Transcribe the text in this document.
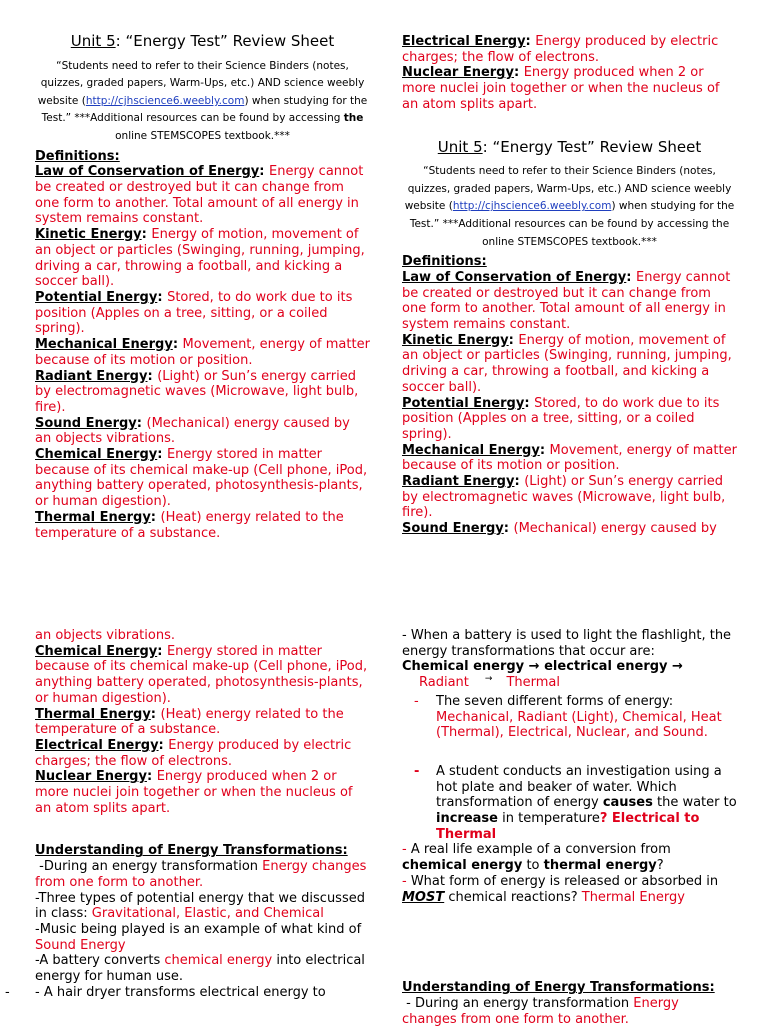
Unit 5: “Energy Test” Review Sheet

“Students need to refer to their Science Binders (notes, quizzes, graded papers, Warm-Ups, etc.) AND science weebly website (http://cjhscience6.weebly.com) when studying for the Test.” ***Additional resources can be found by accessing the online STEMSCOPES textbook.***

Definitions:

Law of Conservation of Energy: Energy cannot be created or destroyed but it can change from one form to another. Total amount of all energy in system remains constant.

Kinetic Energy: Energy of motion, movement of an object or particles (Swinging, running, jumping, driving a car, throwing a football, and kicking a soccer ball).

Potential Energy: Stored, to do work due to its position (Apples on a tree, sitting, or a coiled spring).

Mechanical Energy: Movement, energy of matter because of its motion or position.

Radiant Energy: (Light) or Sun’s energy carried by electromagnetic waves (Microwave, light bulb, fire).

Sound Energy: (Mechanical) energy caused by an objects vibrations.

Chemical Energy: Energy stored in matter because of its chemical make-up (Cell phone, iPod, anything battery operated, photosynthesis-plants, or human digestion).

Thermal Energy: (Heat) energy related to the temperature of a substance.

Electrical Energy: Energy produced by electric charges; the flow of electrons.

Nuclear Energy: Energy produced when 2 or more nuclei join together or when the nucleus of an atom splits apart.

Unit 5: “Energy Test” Review Sheet

“Students need to refer to their Science Binders (notes, quizzes, graded papers, Warm-Ups, etc.) AND science weebly website (http://cjhscience6.weebly.com) when studying for the Test.” ***Additional resources can be found by accessing the online STEMSCOPES textbook.***

Definitions:

Law of Conservation of Energy: Energy cannot be created or destroyed but it can change from one form to another. Total amount of all energy in system remains constant.

Kinetic Energy: Energy of motion, movement of an object or particles (Swinging, running, jumping, driving a car, throwing a football, and kicking a soccer ball).

Potential Energy: Stored, to do work due to its position (Apples on a tree, sitting, or a coiled spring).

Mechanical Energy: Movement, energy of matter because of its motion or position.

Radiant Energy: (Light) or Sun’s energy carried by electromagnetic waves (Microwave, light bulb, fire).

Sound Energy: (Mechanical) energy caused by

an objects vibrations.

Chemical Energy: Energy stored in matter because of its chemical make-up (Cell phone, iPod, anything battery operated, photosynthesis-plants, or human digestion).

Thermal Energy: (Heat) energy related to the temperature of a substance.

Electrical Energy: Energy produced by electric charges; the flow of electrons.

Nuclear Energy: Energy produced when 2 or more nuclei join together or when the nucleus of an atom splits apart.

Understanding of Energy Transformations:

-During an energy transformation Energy changes from one form to another.

-Three types of potential energy that we discussed in class: Gravitational, Elastic, and Chemical

-Music being played is an example of what kind of Sound Energy

-A battery converts chemical energy into electrical energy for human use.

- - A hair dryer transforms electrical energy to

- When a battery is used to light the flashlight, the energy transformations that occur are:

Chemical energy → electrical energy →

Radiant → Thermal

- The seven different forms of energy:

Mechanical, Radiant (Light), Chemical, Heat (Thermal), Electrical, Nuclear, and Sound.

- A student conducts an investigation using a hot plate and beaker of water. Which transformation of energy causes the water to increase in temperature? Electrical to Thermal

- A real life example of a conversion from chemical energy to thermal energy?

- What form of energy is released or absorbed in MOST chemical reactions? Thermal Energy

Understanding of Energy Transformations:

- During an energy transformation Energy changes from one form to another.
